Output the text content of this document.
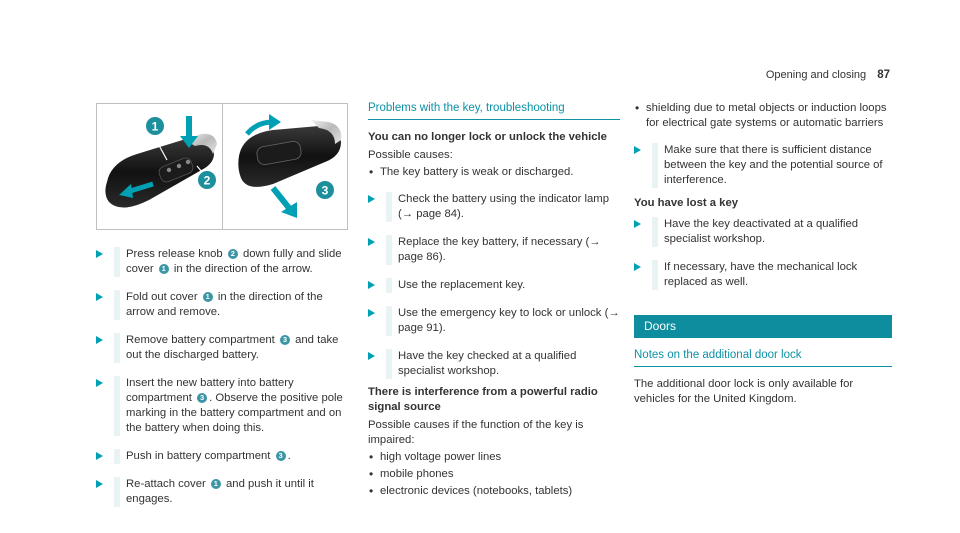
Opening and closing 87
1
2
3
Press release knob 2 down fully and slide cover 1 in the direction of the arrow.
Fold out cover 1 in the direction of the arrow and remove.
Remove battery compartment 3 and take out the discharged battery.
Insert the new battery into battery compartment 3 . Observe the positive pole marking in the battery compartment and on the battery when doing this.
Push in battery compartment 3 .
Re-attach cover 1 and push it until it engages.
Problems with the key, troubleshooting
You can no longer lock or unlock the vehicle
Possible causes:
• The key battery is weak or discharged.
Check the battery using the indicator lamp (→ page 84).
Replace the key battery, if necessary (→ page 86).
Use the replacement key.
Use the emergency key to lock or unlock (→ page 91).
Have the key checked at a qualified specialist workshop.
There is interference from a powerful radio signal source
Possible causes if the function of the key is impaired:
• high voltage power lines
• mobile phones
• electronic devices (notebooks, tablets)
• shielding due to metal objects or induction loops for electrical gate systems or automatic barriers
Make sure that there is sufficient distance between the key and the potential source of interference.
You have lost a key
Have the key deactivated at a qualified specialist workshop.
If necessary, have the mechanical lock replaced as well.
Doors
Notes on the additional door lock
The additional door lock is only available for vehicles for the United Kingdom.
